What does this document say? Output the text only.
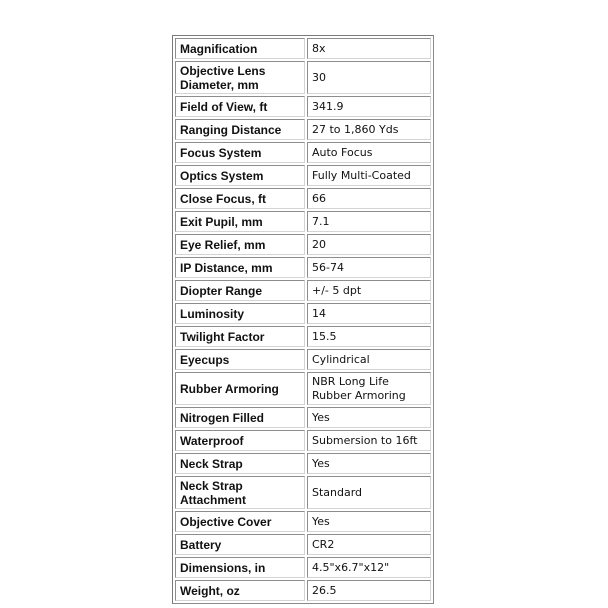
Magnification	8x
Objective Lens Diameter, mm	30
Field of View, ft	341.9
Ranging Distance	27 to 1,860 Yds
Focus System	Auto Focus
Optics System	Fully Multi-Coated
Close Focus, ft	66
Exit Pupil, mm	7.1
Eye Relief, mm	20
IP Distance, mm	56-74
Diopter Range	+/- 5 dpt
Luminosity	14
Twilight Factor	15.5
Eyecups	Cylindrical
Rubber Armoring	NBR Long Life Rubber Armoring
Nitrogen Filled	Yes
Waterproof	Submersion to 16ft
Neck Strap	Yes
Neck Strap Attachment	Standard
Objective Cover	Yes
Battery	CR2
Dimensions, in	4.5"x6.7"x12"
Weight, oz	26.5
